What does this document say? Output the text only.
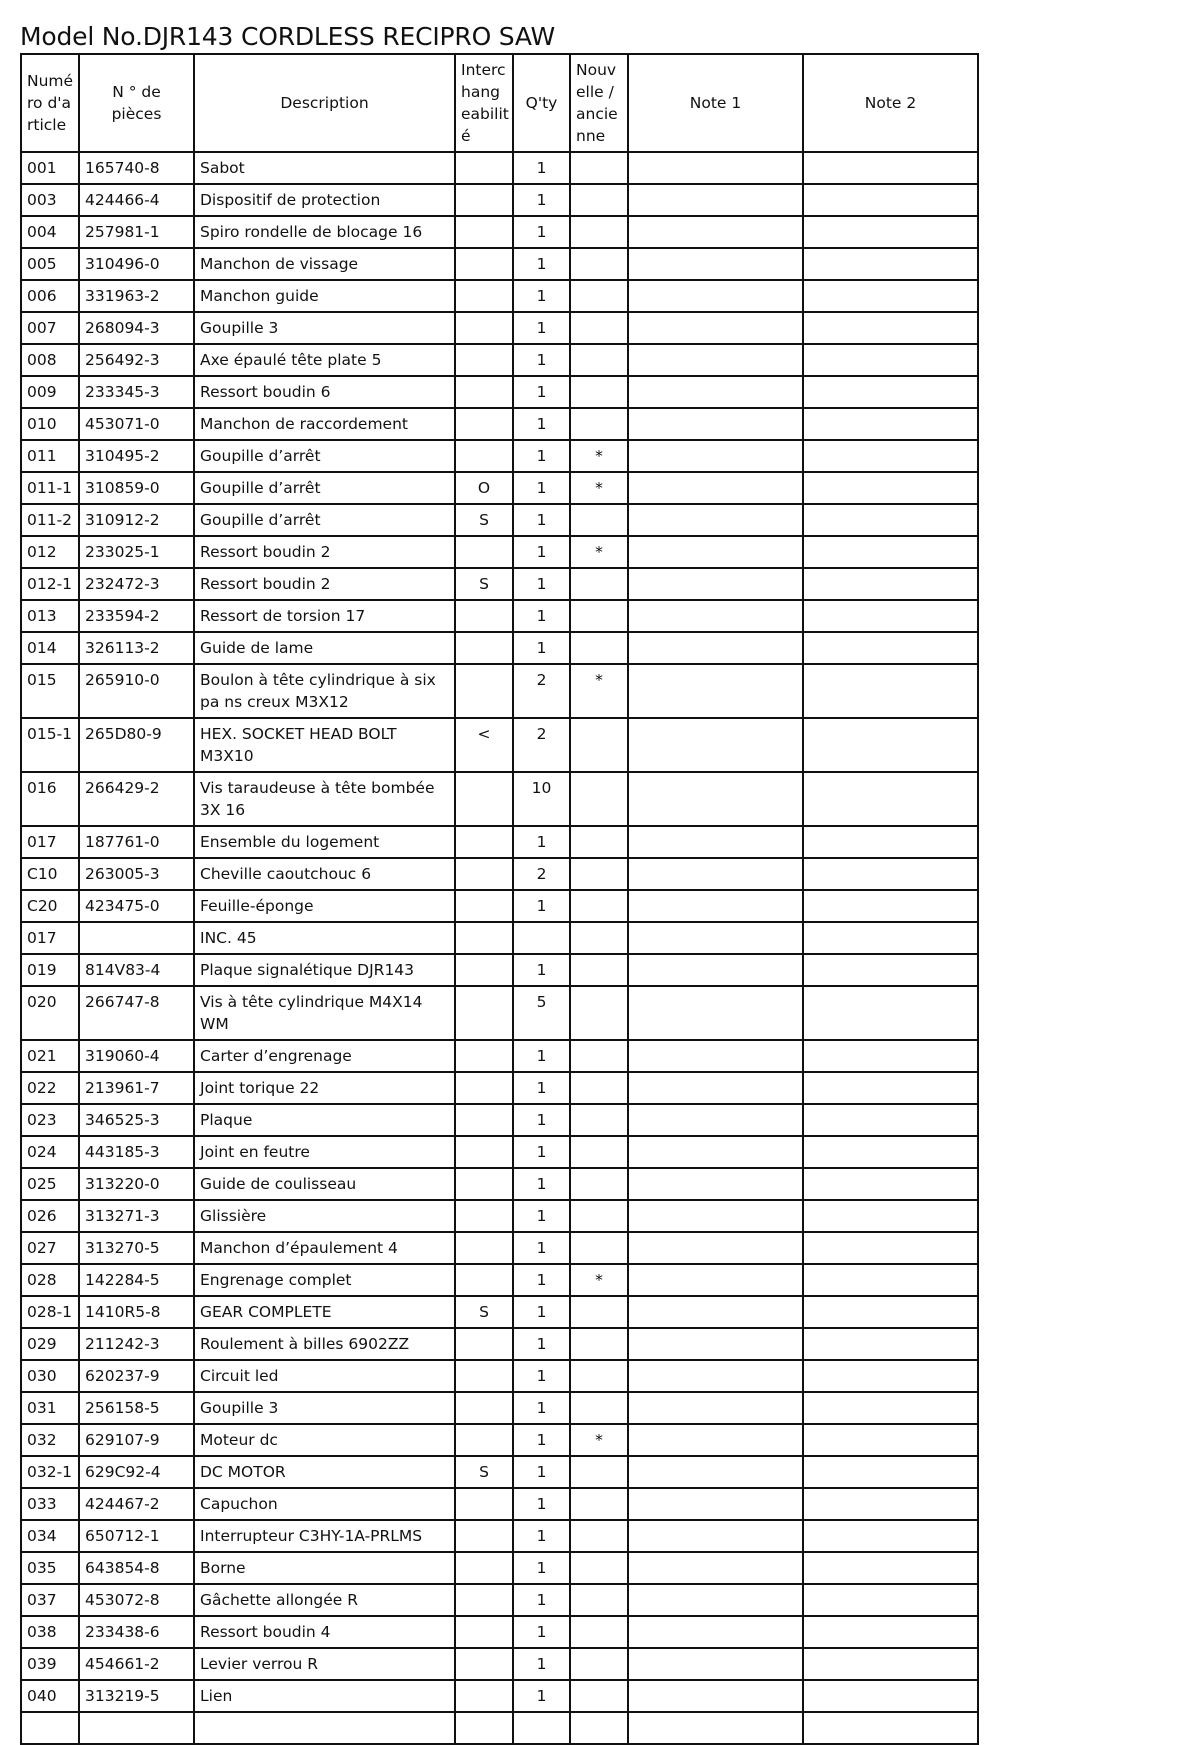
Model No.DJR143 CORDLESS RECIPRO SAW
Numé ro d'a rticle	N ° de pièces	Description	Interc hang eabilit é	Q'ty	Nouv elle / ancie nne	Note 1	Note 2
001	165740-8	Sabot		1			
003	424466-4	Dispositif de protection		1			
004	257981-1	Spiro rondelle de blocage 16		1			
005	310496-0	Manchon de vissage		1			
006	331963-2	Manchon guide		1			
007	268094-3	Goupille 3		1			
008	256492-3	Axe épaulé tête plate 5		1			
009	233345-3	Ressort boudin 6		1			
010	453071-0	Manchon de raccordement		1			
011	310495-2	Goupille d’arrêt		1	*		
011-1	310859-0	Goupille d’arrêt	O	1	*		
011-2	310912-2	Goupille d’arrêt	S	1			
012	233025-1	Ressort boudin 2		1	*		
012-1	232472-3	Ressort boudin 2	S	1			
013	233594-2	Ressort de torsion 17		1			
014	326113-2	Guide de lame		1			
015	265910-0	Boulon à tête cylindrique à six pa ns creux M3X12		2	*		
015-1	265D80-9	HEX. SOCKET HEAD BOLT M3X10	<	2			
016	266429-2	Vis taraudeuse à tête bombée 3X 16		10			
017	187761-0	Ensemble du logement		1			
C10	263005-3	Cheville caoutchouc 6		2			
C20	423475-0	Feuille-éponge		1			
017		INC. 45					
019	814V83-4	Plaque signalétique DJR143		1			
020	266747-8	Vis à tête cylindrique M4X14 WM		5			
021	319060-4	Carter d’engrenage		1			
022	213961-7	Joint torique 22		1			
023	346525-3	Plaque		1			
024	443185-3	Joint en feutre		1			
025	313220-0	Guide de coulisseau		1			
026	313271-3	Glissière		1			
027	313270-5	Manchon d’épaulement 4		1			
028	142284-5	Engrenage complet		1	*		
028-1	1410R5-8	GEAR COMPLETE	S	1			
029	211242-3	Roulement à billes 6902ZZ		1			
030	620237-9	Circuit led		1			
031	256158-5	Goupille 3		1			
032	629107-9	Moteur dc		1	*		
032-1	629C92-4	DC MOTOR	S	1			
033	424467-2	Capuchon		1			
034	650712-1	Interrupteur C3HY-1A-PRLMS		1			
035	643854-8	Borne		1			
037	453072-8	Gâchette allongée R		1			
038	233438-6	Ressort boudin 4		1			
039	454661-2	Levier verrou R		1			
040	313219-5	Lien		1			
